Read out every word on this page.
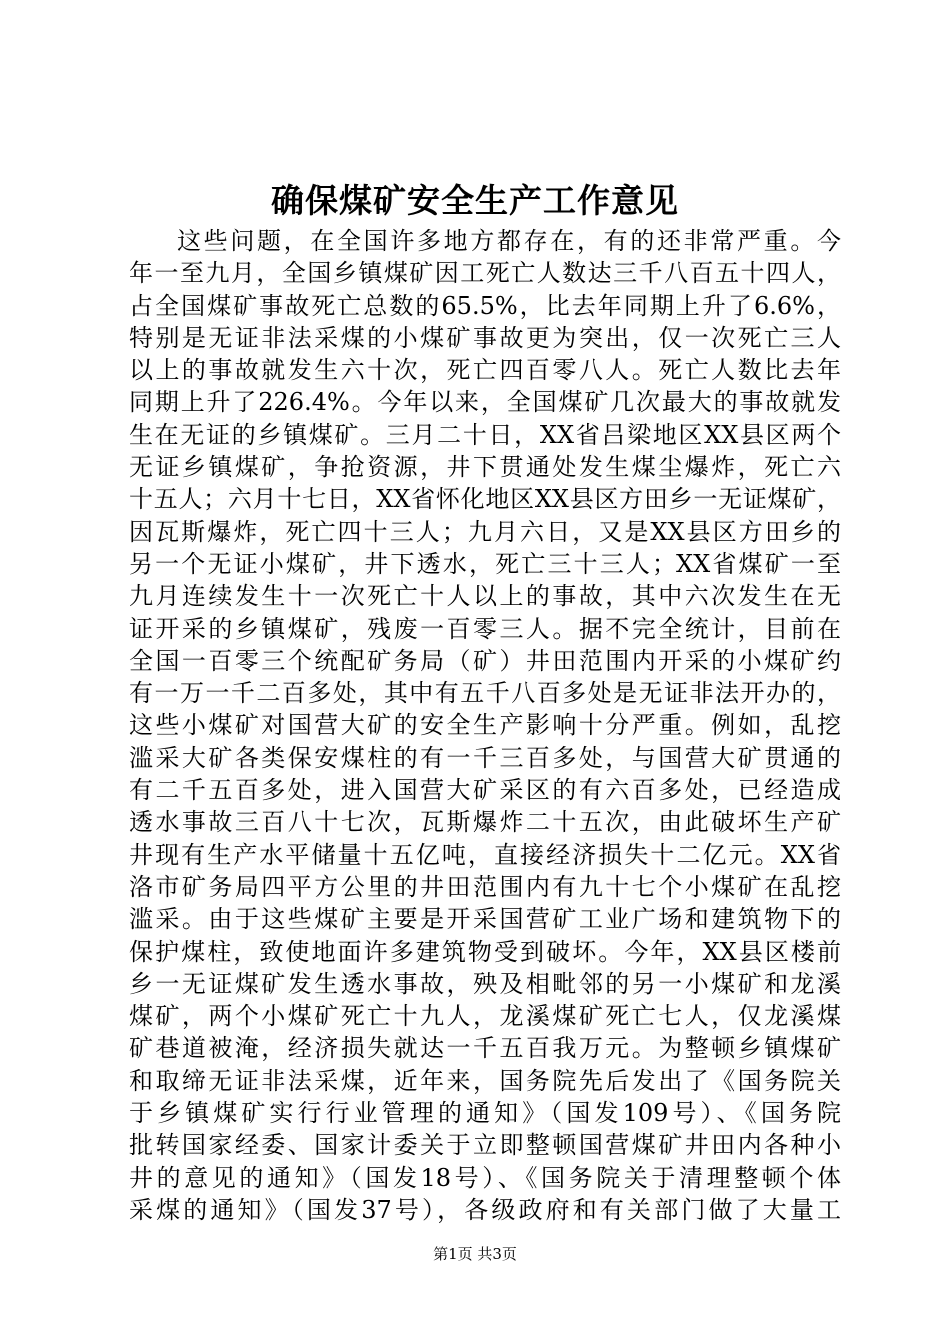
确保煤矿安全生产工作意见
这些问题，在全国许多地方都存在，有的还非常严重。今
年一至九月，全国乡镇煤矿因工死亡人数达三千八百五十四人，
占全国煤矿事故死亡总数的65.5%，比去年同期上升了6.6%，
特别是无证非法采煤的小煤矿事故更为突出，仅一次死亡三人
以上的事故就发生六十次，死亡四百零八人。死亡人数比去年
同期上升了226.4%。今年以来，全国煤矿几次最大的事故就发
生在无证的乡镇煤矿。三月二十日，XX省吕梁地区XX县区两个
无证乡镇煤矿，争抢资源，井下贯通处发生煤尘爆炸，死亡六
十五人；六月十七日，XX省怀化地区XX县区方田乡一无证煤矿，
因瓦斯爆炸，死亡四十三人；九月六日，又是XX县区方田乡的
另一个无证小煤矿，井下透水，死亡三十三人；XX省煤矿一至
九月连续发生十一次死亡十人以上的事故，其中六次发生在无
证开采的乡镇煤矿，残废一百零三人。据不完全统计，目前在
全国一百零三个统配矿务局（矿）井田范围内开采的小煤矿约
有一万一千二百多处，其中有五千八百多处是无证非法开办的，
这些小煤矿对国营大矿的安全生产影响十分严重。例如，乱挖
滥采大矿各类保安煤柱的有一千三百多处，与国营大矿贯通的
有二千五百多处，进入国营大矿采区的有六百多处，已经造成
透水事故三百八十七次，瓦斯爆炸二十五次，由此破坏生产矿
井现有生产水平储量十五亿吨，直接经济损失十二亿元。XX省
洛市矿务局四平方公里的井田范围内有九十七个小煤矿在乱挖
滥采。由于这些煤矿主要是开采国营矿工业广场和建筑物下的
保护煤柱，致使地面许多建筑物受到破坏。今年，XX县区楼前
乡一无证煤矿发生透水事故，殃及相毗邻的另一小煤矿和龙溪
煤矿，两个小煤矿死亡十九人，龙溪煤矿死亡七人，仅龙溪煤
矿巷道被淹，经济损失就达一千五百我万元。为整顿乡镇煤矿
和取缔无证非法采煤，近年来，国务院先后发出了《国务院关
于乡镇煤矿实行行业管理的通知》（国发109号）、《国务院
批转国家经委、国家计委关于立即整顿国营煤矿井田内各种小
井的意见的通知》（国发18号）、《国务院关于清理整顿个体
采煤的通知》（国发37号），各级政府和有关部门做了大量工
第1页 共3页
